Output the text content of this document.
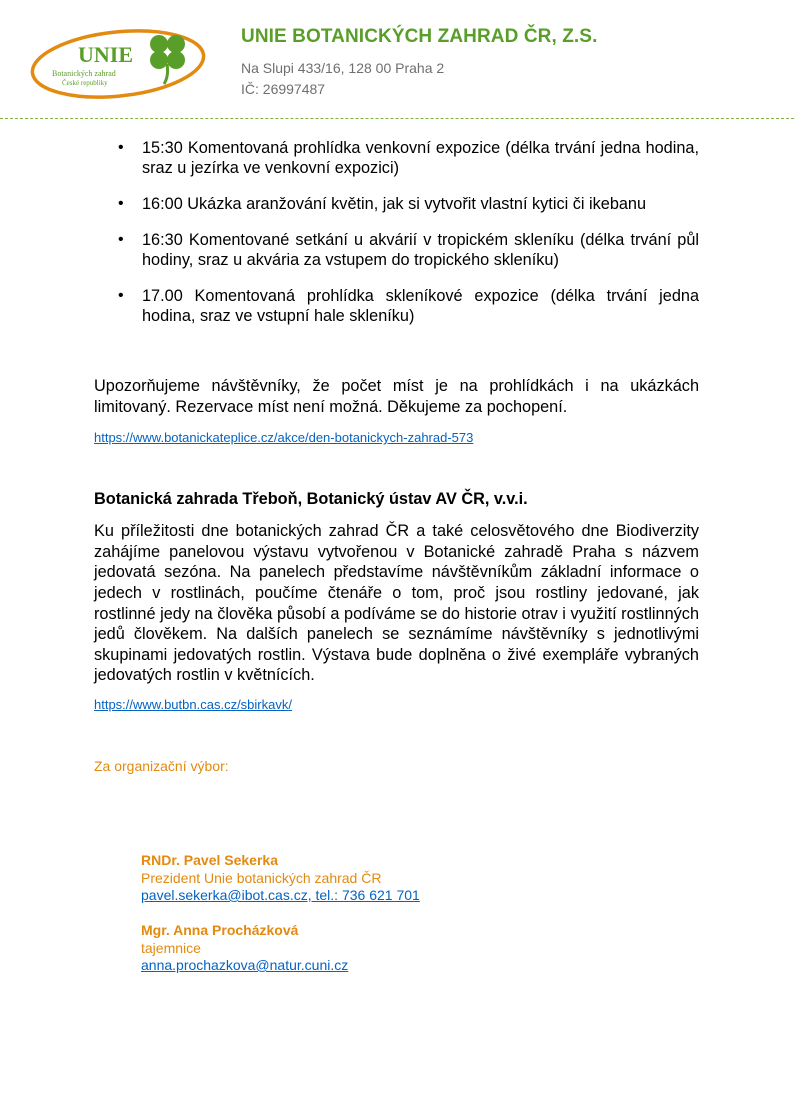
UNIE
Botanických zahrad
České republiky
UNIE BOTANICKÝCH ZAHRAD ČR, Z.S.
Na Slupi 433/16, 128 00 Praha 2
IČ: 26997487
• 15:30 Komentovaná prohlídka venkovní expozice (délka trvání jedna hodina, sraz u jezírka ve venkovní expozici)
• 16:00 Ukázka aranžování květin, jak si vytvořit vlastní kytici či ikebanu
• 16:30 Komentované setkání u akvárií v tropickém skleníku (délka trvání půl hodiny, sraz u akvária za vstupem do tropického skleníku)
• 17.00 Komentovaná prohlídka skleníkové expozice (délka trvání jedna hodina, sraz ve vstupní hale skleníku)

Upozorňujeme návštěvníky, že počet míst je na prohlídkách i na ukázkách limitovaný. Rezervace míst není možná. Děkujeme za pochopení.

https://www.botanickateplice.cz/akce/den-botanickych-zahrad-573
Botanická zahrada Třeboň, Botanický ústav AV ČR, v.v.i.

Ku příležitosti dne botanických zahrad ČR a také celosvětového dne Biodiverzity zahájíme panelovou výstavu vytvořenou v Botanické zahradě Praha s názvem jedovatá sezóna. Na panelech představíme návštěvníkům základní informace o jedech v rostlinách, poučíme čtenáře o tom, proč jsou rostliny jedované, jak rostlinné jedy na člověka působí a podíváme se do historie otrav i využití rostlinných jedů člověkem. Na dalších panelech se seznámíme návštěvníky s jednotlivými skupinami jedovatých rostlin. Výstava bude doplněna o živé exempláře vybraných jedovatých rostlin v květnících.

https://www.butbn.cas.cz/sbirkavk/
Za organizační výbor:
RNDr. Pavel Sekerka
Prezident Unie botanických zahrad ČR
pavel.sekerka@ibot.cas.cz, tel.: 736 621 701
Mgr. Anna Procházková
tajemnice
anna.prochazkova@natur.cuni.cz
